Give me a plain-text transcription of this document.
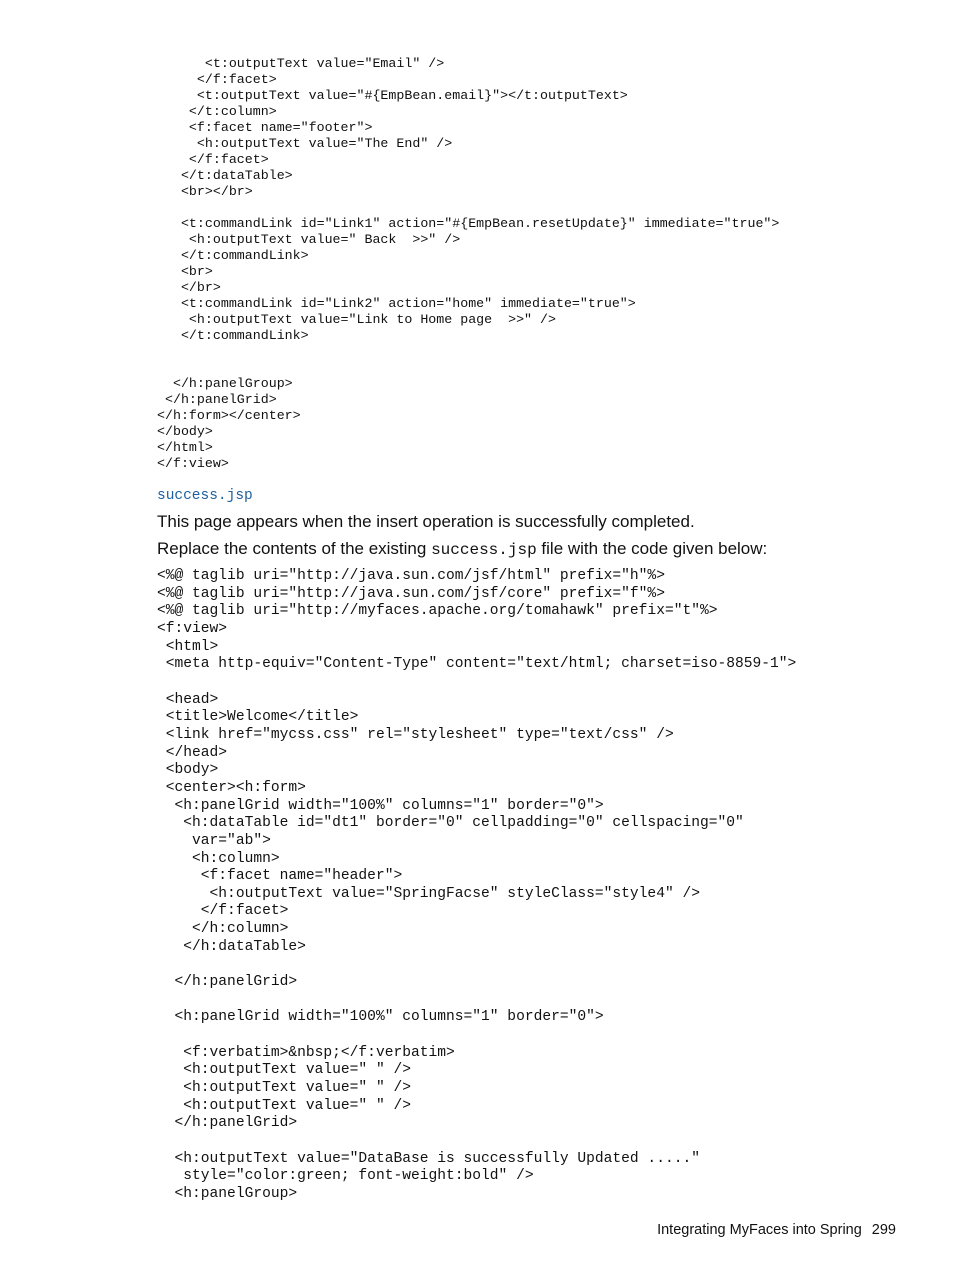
<t:outputText value="Email" />
</f:facet>
<t:outputText value="#{EmpBean.email}"></t:outputText>
</t:column>
<f:facet name="footer">
<h:outputText value="The End" />
</f:facet>
</t:dataTable>
<br></br>

<t:commandLink id="Link1" action="#{EmpBean.resetUpdate}" immediate="true">
<h:outputText value=" Back  >>" />
</t:commandLink>
<br>
</br>
<t:commandLink id="Link2" action="home" immediate="true">
<h:outputText value="Link to Home page  >>" />
</t:commandLink>

</h:panelGroup>
</h:panelGrid>
</h:form></center>
</body>
</html>
</f:view>
success.jsp

This page appears when the insert operation is successfully completed.

Replace the contents of the existing success.jsp file with the code given below:

<%@ taglib uri="http://java.sun.com/jsf/html" prefix="h"%>
<%@ taglib uri="http://java.sun.com/jsf/core" prefix="f"%>
<%@ taglib uri="http://myfaces.apache.org/tomahawk" prefix="t"%>
<f:view>
<html>
<meta http-equiv="Content-Type" content="text/html; charset=iso-8859-1">

<head>
<title>Welcome</title>
<link href="mycss.css" rel="stylesheet" type="text/css" />
</head>
<body>
<center><h:form>
<h:panelGrid width="100%" columns="1" border="0">
<h:dataTable id="dt1" border="0" cellpadding="0" cellspacing="0"
var="ab">
<h:column>
<f:facet name="header">
<h:outputText value="SpringFacse" styleClass="style4" />
</f:facet>
</h:column>
</h:dataTable>

</h:panelGrid>

<h:panelGrid width="100%" columns="1" border="0">

<f:verbatim>&nbsp;</f:verbatim>
<h:outputText value=" " />
<h:outputText value=" " />
<h:outputText value=" " />
</h:panelGrid>

<h:outputText value="DataBase is successfully Updated ....."
style="color:green; font-weight:bold" />
<h:panelGroup>
Integrating MyFaces into Spring 299
